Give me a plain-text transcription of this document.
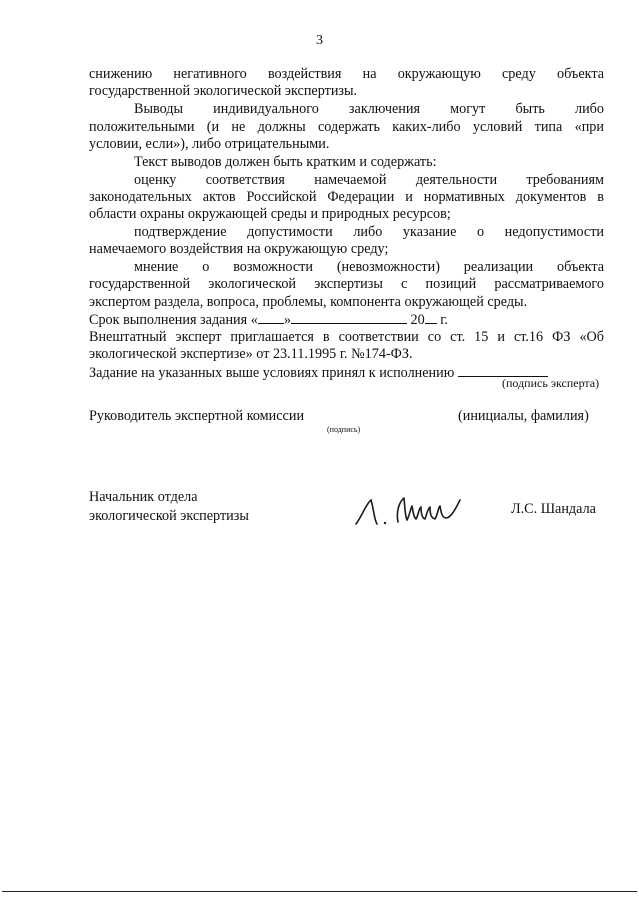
3
снижению негативного воздействия на окружающую среду объекта
государственной экологической экспертизы.
Выводы индивидуального заключения могут быть либо
положительными (и не должны содержать каких-либо условий типа «при
условии, если»), либо отрицательными.
Текст выводов должен быть кратким и содержать:
оценку соответствия намечаемой деятельности требованиям
законодательных актов Российской Федерации и нормативных документов в
области охраны окружающей среды и природных ресурсов;
подтверждение допустимости либо указание о недопустимости
намечаемого воздействия на окружающую среду;
мнение о возможности (невозможности) реализации объекта
государственной экологической экспертизы с позиций рассматриваемого
экспертом раздела, вопроса, проблемы, компонента окружающей среды.
Срок выполнения задания « »	20 г.
Внештатный эксперт приглашается в соответствии со ст. 15 и ст.16 ФЗ «Об
экологической экспертизе» от 23.11.1995 г. №174-ФЗ.
Задание на указанных выше условиях принял к исполнению
(подпись эксперта)
Руководитель экспертной комиссии	(инициалы, фамилия)
(подпись)
Начальник отдела
экологической экспертизы	Л.С. Шандала
